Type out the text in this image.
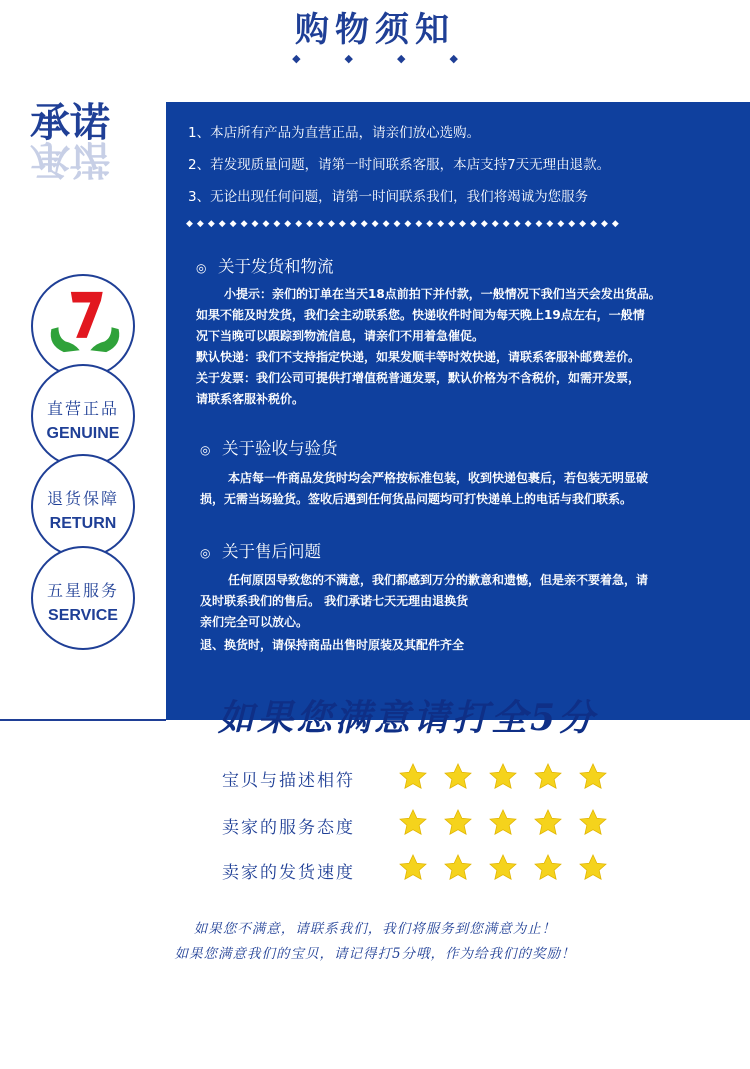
购物须知
◆◆◆◆
承诺
承诺
直营正品
GENUINE
退货保障
RETURN
五星服务
SERVICE
1、本店所有产品为直营正品，请亲们放心选购。
2、若发现质量问题，请第一时间联系客服，本店支持7天无理由退款。
3、无论出现任何问题，请第一时间联系我们，我们将竭诚为您服务
◆◆◆◆◆◆◆◆◆◆◆◆◆◆◆◆◆◆◆◆◆◆◆◆◆◆◆◆◆◆◆◆◆◆◆◆◆◆◆◆
◎ 关于发货和物流
小提示：亲们的订单在当天18点前拍下并付款，一般情况下我们当天会发出货品。
如果不能及时发货，我们会主动联系您。快递收件时间为每天晚上19点左右，一般情
况下当晚可以跟踪到物流信息，请亲们不用着急催促。
默认快递：我们不支持指定快递，如果发顺丰等时效快递，请联系客服补邮费差价。
关于发票：我们公司可提供打增值税普通发票，默认价格为不含税价，如需开发票，
请联系客服补税价。
◎ 关于验收与验货
本店每一件商品发货时均会严格按标准包装，收到快递包裹后，若包装无明显破
损，无需当场验货。签收后遇到任何货品问题均可打快递单上的电话与我们联系。
◎ 关于售后问题
任何原因导致您的不满意，我们都感到万分的歉意和遗憾，但是亲不要着急，请
及时联系我们的售后。 我们承诺七天无理由退换货
亲们完全可以放心。
退、换货时，请保持商品出售时原装及其配件齐全
如果您满意请打全5分
宝贝与描述相符
卖家的服务态度
卖家的发货速度
如果您不满意，请联系我们，我们将服务到您满意为止！
如果您满意我们的宝贝，请记得打5分哦，作为给我们的奖励！
